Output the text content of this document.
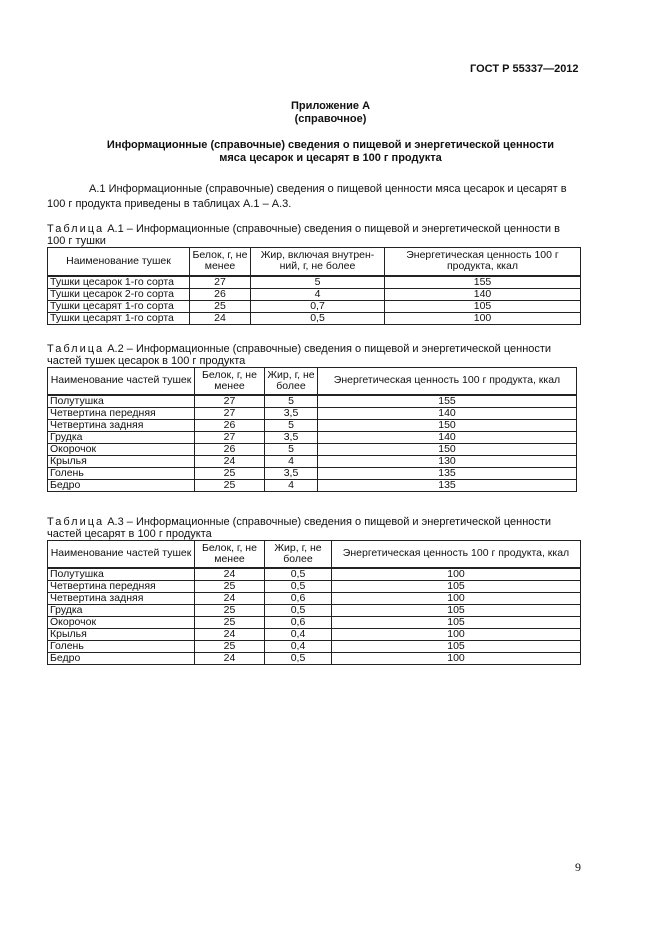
ГОСТ Р 55337—2012
Приложение А
(справочное)
Информационные (справочные) сведения о пищевой и энергетической ценности
мяса цесарок и цесарят в 100 г продукта
А.1 Информационные (справочные) сведения о пищевой ценности мяса цесарок и цесарят в
100 г продукта приведены в таблицах А.1 – А.3.
Таблица А.1 – Информационные (справочные) сведения о пищевой и энергетической ценности в
100 г тушки
Наименование тушек	Белок, г, не менее	Жир, включая внутрен-ний, г, не более	Энергетическая ценность 100 г продукта, ккал
Тушки цесарок 1-го сорта	27	5	155
Тушки цесарок 2-го сорта	26	4	140
Тушки цесарят 1-го сорта	25	0,7	105
Тушки цесарят 1-го сорта	24	0,5	100
Таблица А.2 – Информационные (справочные) сведения о пищевой и энергетической ценности
частей тушек цесарок в 100 г продукта
Наименование частей тушек	Белок, г, не менее	Жир, г, не более	Энергетическая ценность 100 г продукта, ккал
Полутушка	27	5	155
Четвертина передняя	27	3,5	140
Четвертина задняя	26	5	150
Грудка	27	3,5	140
Окорочок	26	5	150
Крылья	24	4	130
Голень	25	3,5	135
Бедро	25	4	135
Таблица А.3 – Информационные (справочные) сведения о пищевой и энергетической ценности
частей цесарят в 100 г продукта
Наименование частей тушек	Белок, г, не менее	Жир, г, не более	Энергетическая ценность 100 г продукта, ккал
Полутушка	24	0,5	100
Четвертина передняя	25	0,5	105
Четвертина задняя	24	0,6	100
Грудка	25	0,5	105
Окорочок	25	0,6	105
Крылья	24	0,4	100
Голень	25	0,4	105
Бедро	24	0,5	100
9
